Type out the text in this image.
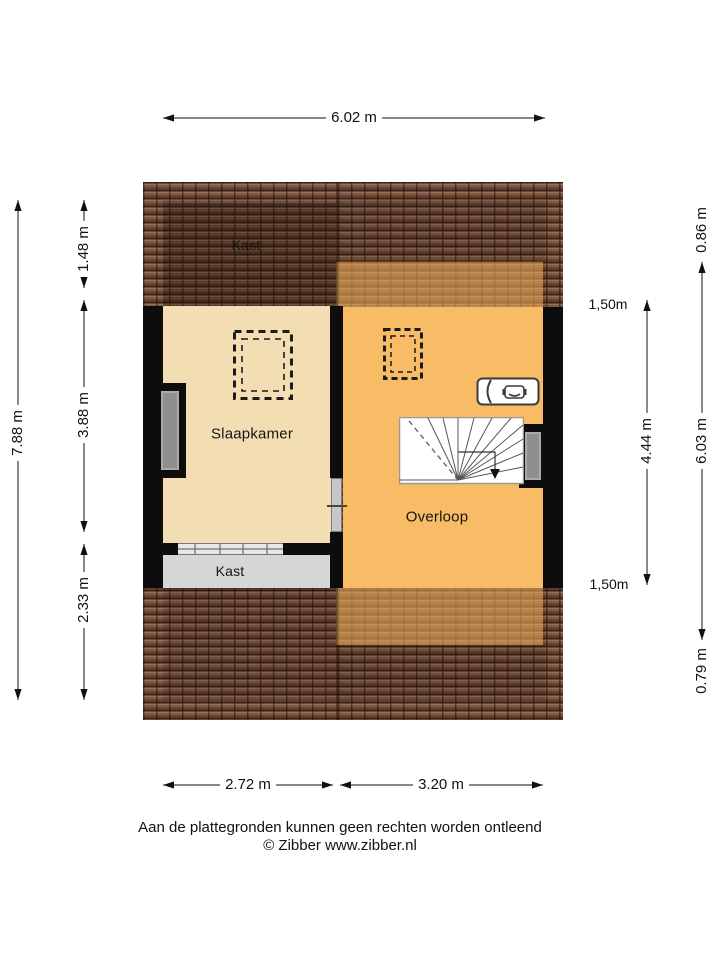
Kast
Slaapkamer
Overloop
Kast
6.02 m
2.72 m	3.20 m
7.88 m
1.48 m
3.88 m
2.33 m
4.44 m	6.03 m
0.86 m
0.79 m
1,50m
1,50m
Aan de plattegronden kunnen geen rechten worden ontleend
© Zibber www.zibber.nl
